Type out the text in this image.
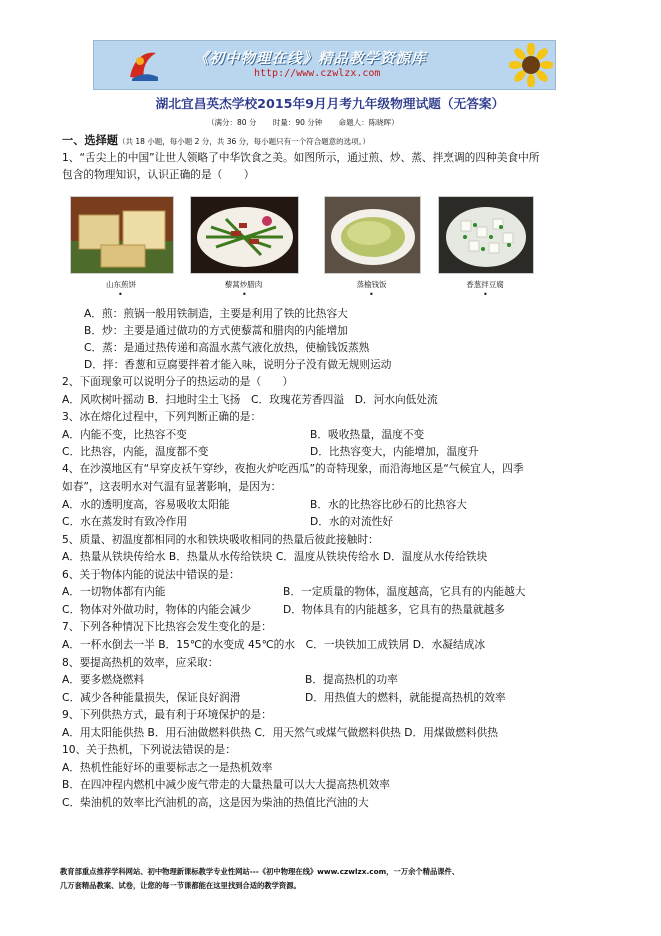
《初中物理在线》精品教学资源库
http://www.czwlzx.com
湖北宜昌英杰学校2015年9月月考九年级物理试题（无答案）
（满分：80 分 时量：90 分钟 命题人：陈晓晖）
一、选择题（共 18 小题，每小题 2 分，共 36 分，每小题只有一个符合题意的选项。）
1、“舌尖上的中国”让世人领略了中华饮食之美。如图所示，通过煎、炒、蒸、拌烹调的四种美食中所
包含的物理知识，认识正确的是（　　）
山东煎饼	藜蒿炒腊肉	蒸榆钱饭	香葱拌豆腐
•	•	•	•
A．煎：煎锅一般用铁制造，主要是利用了铁的比热容大
B．炒：主要是通过做功的方式使藜蒿和腊肉的内能增加
C．蒸：是通过热传递和高温水蒸气液化放热，使榆钱饭蒸熟
D．拌：香葱和豆腐要拌着才能入味，说明分子没有做无规则运动
2、下面现象可以说明分子的热运动的是（　　）
A．风吹树叶摇动 B．扫地时尘土飞扬　C．玫瑰花芳香四溢　D．河水向低处流
3、冰在熔化过程中，下列判断正确的是：
A．内能不变，比热容不变	B．吸收热量，温度不变
C．比热容，内能，温度都不变	D．比热容变大，内能增加，温度升
4、在沙漠地区有“早穿皮袄午穿纱，夜抱火炉吃西瓜”的奇特现象，而沿海地区是“气候宜人，四季
如春”，这表明水对气温有显著影响，是因为：
A．水的透明度高，容易吸收太阳能	B．水的比热容比砂石的比热容大
C．水在蒸发时有致冷作用	D．水的对流性好
5、质量、初温度都相同的水和铁块吸收相同的热量后彼此接触时：
A．热量从铁块传给水 B．热量从水传给铁块 C．温度从铁块传给水 D．温度从水传给铁块
6、关于物体内能的说法中错误的是：
A．一切物体都有内能	B．一定质量的物体，温度越高，它具有的内能越大
C．物体对外做功时，物体的内能会减少	D．物体具有的内能越多，它具有的热量就越多
7、下列各种情况下比热容会发生变化的是：
A．一杯水倒去一半 B．15℃的水变成 45℃的水　C．一块铁加工成铁屑 D．水凝结成冰
8、要提高热机的效率，应采取：
A．要多燃烧燃料	B．提高热机的功率
C．减少各种能量损失，保证良好润滑	D．用热值大的燃料，就能提高热机的效率
9、下列供热方式，最有利于环境保护的是：
A．用太阳能供热 B．用石油做燃料供热 C．用天然气或煤气做燃料供热 D．用煤做燃料供热
10、关于热机，下列说法错误的是：
A．热机性能好坏的重要标志之一是热机效率
B．在四冲程内燃机中减少废气带走的大量热量可以大大提高热机效率
C．柴油机的效率比汽油机的高，这是因为柴油的热值比汽油的大
教育部重点推荐学科网站、初中物理新课标教学专业性网站---《初中物理在线》www.czwlzx.com，一万余个精品课件、
几万套精品教案、试卷，让您的每一节课都能在这里找到合适的教学资源。
